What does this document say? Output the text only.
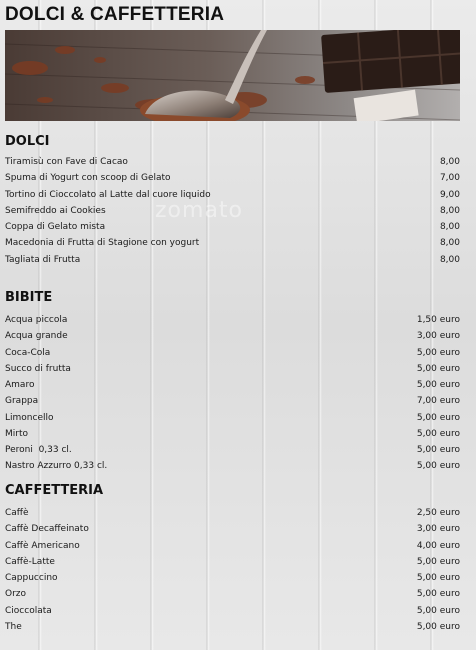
DOLCI & CAFFETTERIA
zomato
DOLCI
Tiramisù con Fave di Cacao	8,00
Spuma di Yogurt con scoop di Gelato	7,00
Tortino di Cioccolato al Latte dal cuore liquido	9,00
Semifreddo ai Cookies	8,00
Coppa di Gelato mista	8,00
Macedonia di Frutta di Stagione con yogurt	8,00
Tagliata di Frutta	8,00
BIBITE
Acqua piccola	1,50 euro
Acqua grande	3,00 euro
Coca-Cola	5,00 euro
Succo di frutta	5,00 euro
Amaro	5,00 euro
Grappa	7,00 euro
Limoncello	5,00 euro
Mirto	5,00 euro
Peroni  0,33 cl.	5,00 euro
Nastro Azzurro 0,33 cl.	5,00 euro
CAFFETTERIA
Caffè	2,50 euro
Caffè Decaffeinato	3,00 euro
Caffè Americano	4,00 euro
Caffè-Latte	5,00 euro
Cappuccino	5,00 euro
Orzo	5,00 euro
Cioccolata	5,00 euro
The	5,00 euro
